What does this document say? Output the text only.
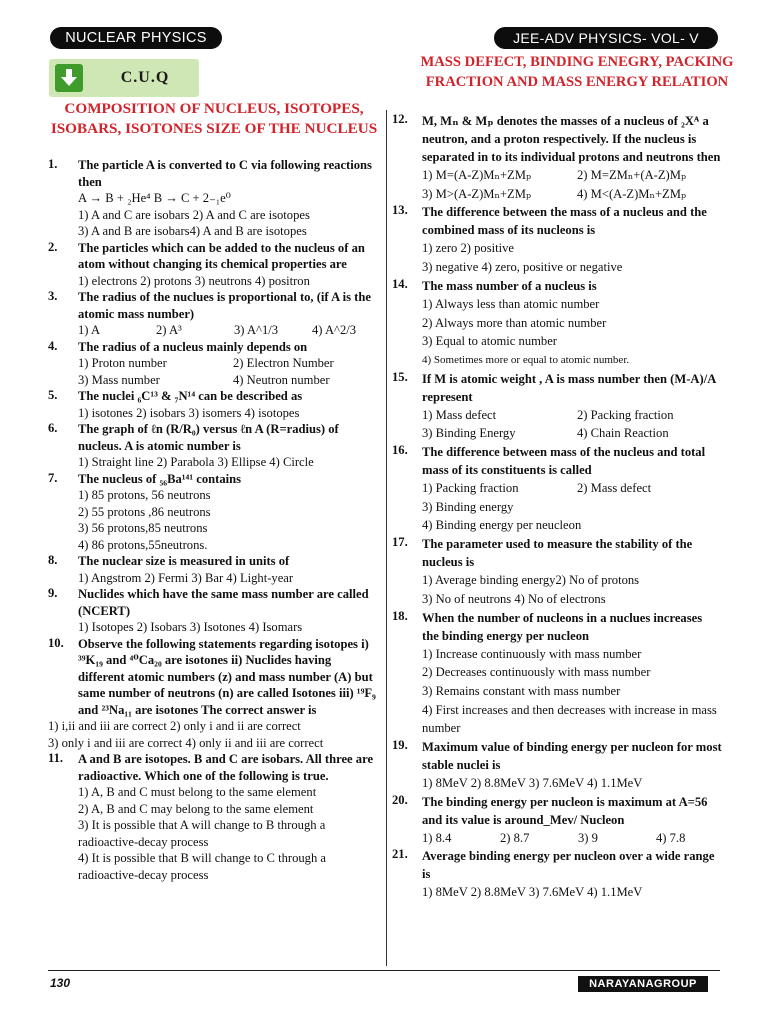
NUCLEAR PHYSICS	JEE-ADV PHYSICS- VOL- V
C.U.Q
COMPOSITION OF NUCLEUS, ISOTOPES, ISOBARS, ISOTONES SIZE OF THE NUCLEUS
MASS DEFECT, BINDING ENEGRY, PACKING FRACTION AND MASS ENERGY RELATION
1.	The particle A is converted to C via following reactions then
A → B + ₂He⁴ B → C + 2₋₁e⁰
1) A and C are isobars 2) A and C are isotopes
3) A and B are isobars4) A and B are isotopes
2.	The particles which can be added to the nucleus of an atom without changing its chemical properties are
1) electrons 2) protons 3) neutrons 4) positron
3.	The radius of the nuclues is proportional to, (if A is the atomic mass number)
1) A	2) A³	3) A^1/3	4) A^2/3
4.	The radius of a nucleus mainly depends on
1) Proton number	2) Electron Number
3) Mass number	4) Neutron number
5.	The nuclei ₆C¹³ & ₇N¹⁴ can be described as
1) isotones 2) isobars 3) isomers 4) isotopes
6.	The graph of ℓn (R/R₀) versus ℓn A (R=radius) of nucleus. A is atomic number is
1) Straight line 2) Parabola 3) Ellipse 4) Circle
7.	The nucleus of ₅₆Ba¹⁴¹ contains
1) 85 protons, 56 neutrons
2) 55 protons ,86 neutrons
3) 56 protons,85 neutrons
4) 86 protons,55neutrons.
8.	The nuclear size is measured in units of
1) Angstrom 2) Fermi 3) Bar 4) Light-year
9.	Nuclides which have the same mass number are called (NCERT)
1) Isotopes 2) Isobars 3) Isotones 4) Isomars
10.	Observe the following statements regarding isotopes i) ³⁹K₁₉ and ⁴⁰Ca₂₀ are isotones ii) Nuclides having different atomic numbers (z) and mass number (A) but same number of neutrons (n) are called Isotones iii) ¹⁹F₉ and ²³Na₁₁ are isotones The correct answer is
1) i,ii and iii are correct 2) only i and ii are correct
3) only i and iii are correct 4) only ii and iii are correct
11.	A and B are isotopes. B and C are isobars. All three are radioactive. Which one of the following is true.
1) A, B and C must belong to the same element
2) A, B and C may belong to the same element
3) It is possible that A will change to B through a radioactive-decay process
4) It is possible that B will change to C through a radioactive-decay process
12.	M, Mₙ & Mₚ denotes the masses of a nucleus of ₂Xᴬ a neutron, and a proton respectively. If the nucleus is separated in to its individual protons and neutrons then
1) M=(A-Z)Mₙ+ZMₚ	2) M=ZMₙ+(A-Z)Mₚ
3) M>(A-Z)Mₙ+ZMₚ	4) M<(A-Z)Mₙ+ZMₚ
13.	The difference between the mass of a nucleus and the combined mass of its nucleons is
1) zero 2) positive
3) negative 4) zero, positive or negative
14.	The mass number of a nucleus is
1) Always less than atomic number
2) Always more than atomic number
3) Equal to atomic number
4) Sometimes more or equal to atomic number.
15.	If M is atomic weight , A is mass number then (M-A)/A represent
1) Mass defect	2) Packing fraction
3) Binding Energy	4) Chain Reaction
16.	The difference between mass of the nucleus and total mass of its constituents is called
1) Packing fraction	2) Mass defect
3) Binding energy
4) Binding energy per neucleon
17.	The parameter used to measure the stability of the nucleus is
1) Average binding energy2) No of protons
3) No of neutrons 4) No of electrons
18.	When the number of nucleons in a nuclues increases the binding energy per nucleon
1) Increase continuously with mass number
2) Decreases continuously with mass number
3) Remains constant with mass number
4) First increases and then decreases with increase in mass number
19.	Maximum value of binding energy per nucleon for most stable nuclei is
1) 8MeV 2) 8.8MeV 3) 7.6MeV 4) 1.1MeV
20.	The binding energy per nucleon is maximum at A=56 and its value is around_Mev/ Nucleon
1) 8.4	2) 8.7	3) 9	4) 7.8
21.	Average binding energy per nucleon over a wide range is
1) 8MeV 2) 8.8MeV 3) 7.6MeV 4) 1.1MeV
130	NARAYANAGROUP
